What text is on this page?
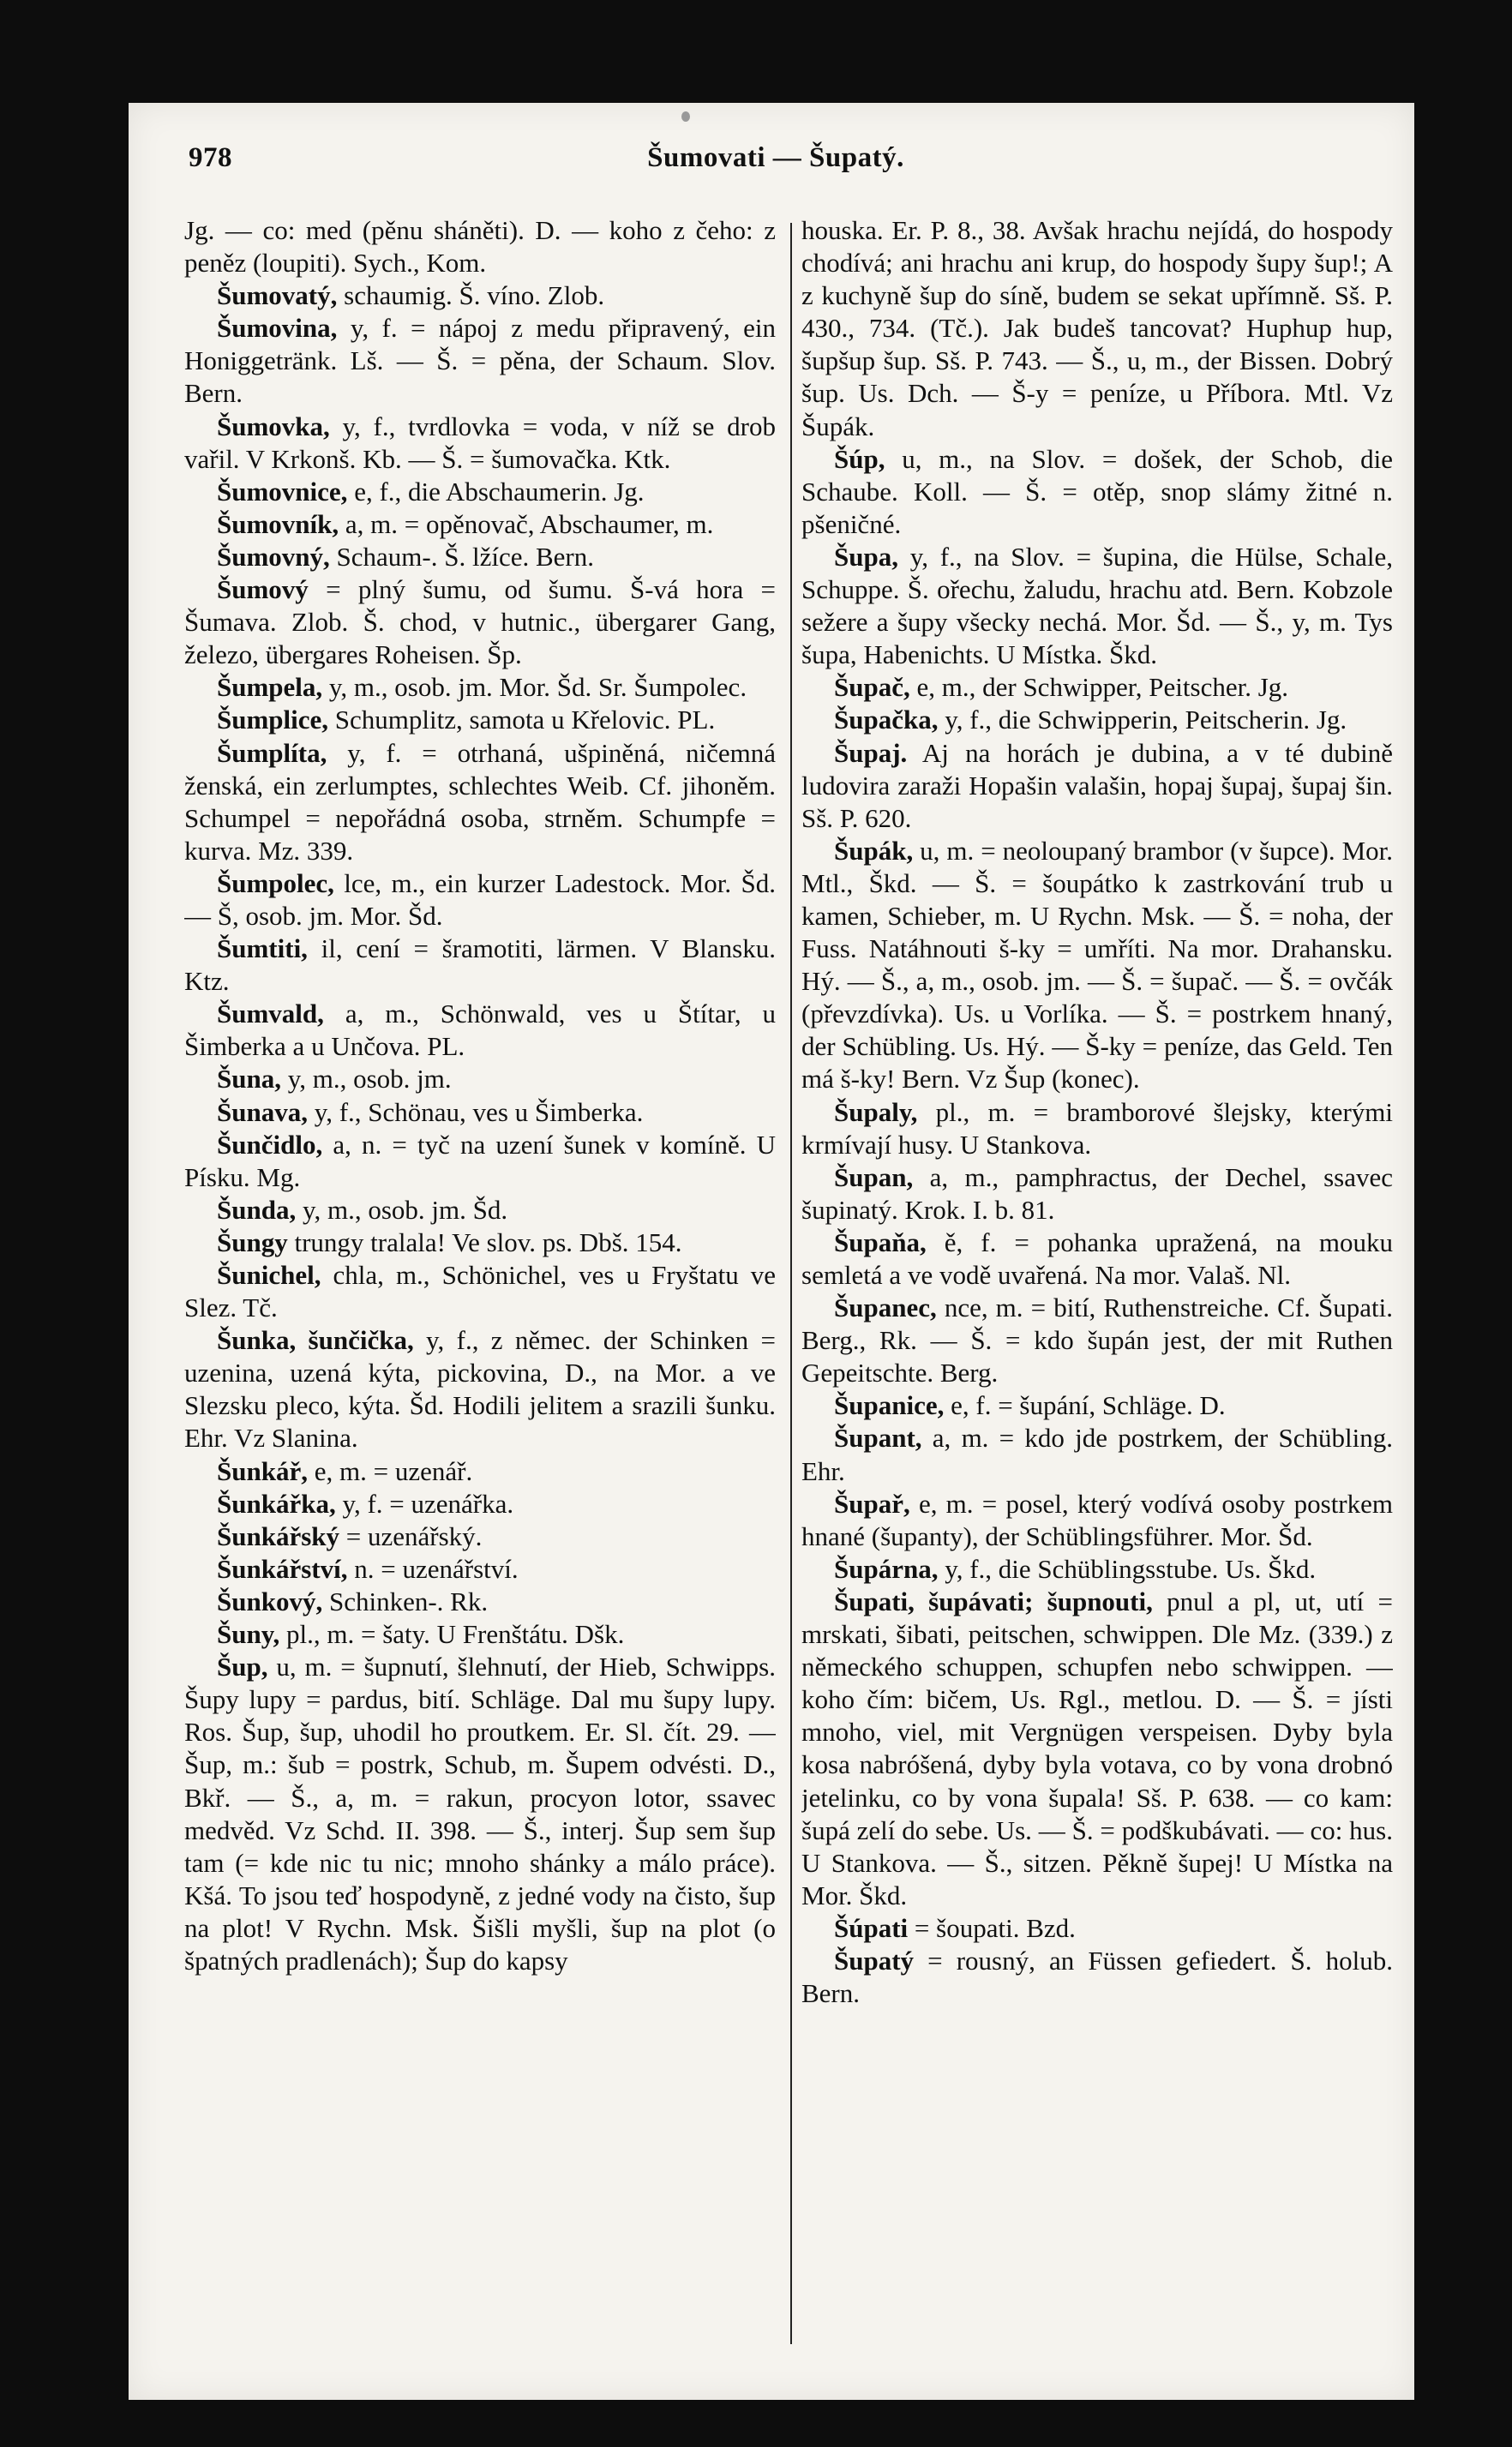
978	Šumovati — Šupatý.

Jg. — co: med (pěnu sháněti). D. — koho z čeho: z peněz (loupiti). Sych., Kom.

Šumovatý, schaumig. Š. víno. Zlob.

Šumovina, y, f. = nápoj z medu připravený, ein Honiggetränk. Lš. — Š. = pěna, der Schaum. Slov. Bern.

Šumovka, y, f., tvrdlovka = voda, v níž se drob vařil. V Krkonš. Kb. — Š. = šumovačka. Ktk.

Šumovnice, e, f., die Abschaumerin. Jg.

Šumovník, a, m. = opěnovač, Abschaumer, m.

Šumovný, Schaum-. Š. lžíce. Bern.

Šumový = plný šumu, od šumu. Š-vá hora = Šumava. Zlob. Š. chod, v hutnic., übergarer Gang, železo, übergares Roheisen. Šp.

Šumpela, y, m., osob. jm. Mor. Šd. Sr. Šumpolec.

Šumplice, Schumplitz, samota u Křelovic. PL.

Šumplíta, y, f. = otrhaná, ušpiněná, ničemná ženská, ein zerlumptes, schlechtes Weib. Cf. jihoněm. Schumpel = nepořádná osoba, strněm. Schumpfe = kurva. Mz. 339.

Šumpolec, lce, m., ein kurzer Ladestock. Mor. Šd. — Š, osob. jm. Mor. Šd.

Šumtiti, il, cení = šramotiti, lärmen. V Blansku. Ktz.

Šumvald, a, m., Schönwald, ves u Štítar, u Šimberka a u Unčova. PL.

Šuna, y, m., osob. jm.

Šunava, y, f., Schönau, ves u Šimberka.

Šunčidlo, a, n. = tyč na uzení šunek v komíně. U Písku. Mg.

Šunda, y, m., osob. jm. Šd.

Šungy trungy tralala! Ve slov. ps. Dbš. 154.

Šunichel, chla, m., Schönichel, ves u Fryštatu ve Slez. Tč.

Šunka, šunčička, y, f., z němec. der Schinken = uzenina, uzená kýta, pickovina, D., na Mor. a ve Slezsku pleco, kýta. Šd. Hodili jelitem a srazili šunku. Ehr. Vz Slanina.

Šunkář, e, m. = uzenář.

Šunkářka, y, f. = uzenářka.

Šunkářský = uzenářský.

Šunkářství, n. = uzenářství.

Šunkový, Schinken-. Rk.

Šuny, pl., m. = šaty. U Frenštátu. Dšk.

Šup, u, m. = šupnutí, šlehnutí, der Hieb, Schwipps. Šupy lupy = pardus, bití. Schläge. Dal mu šupy lupy. Ros. Šup, šup, uhodil ho proutkem. Er. Sl. čít. 29. — Šup, m.: šub = postrk, Schub, m. Šupem odvésti. D., Bkř. — Š., a, m. = rakun, procyon lotor, ssavec medvěd. Vz Schd. II. 398. — Š., interj. Šup sem šup tam (= kde nic tu nic; mnoho shánky a málo práce). Kšá. To jsou teď hospodyně, z jedné vody na čisto, šup na plot! V Rychn. Msk. Šišli myšli, šup na plot (o špatných pradlenách); Šup do kapsy

houska. Er. P. 8., 38. Avšak hrachu nejídá, do hospody chodívá; ani hrachu ani krup, do hospody šupy šup!; A z kuchyně šup do síně, budem se sekat upřímně. Sš. P. 430., 734. (Tč.). Jak budeš tancovat? Huphup hup, šupšup šup. Sš. P. 743. — Š., u, m., der Bissen. Dobrý šup. Us. Dch. — Š-y = peníze, u Příbora. Mtl. Vz Šupák.

Šúp, u, m., na Slov. = došek, der Schob, die Schaube. Koll. — Š. = otěp, snop slámy žitné n. pšeničné.

Šupa, y, f., na Slov. = šupina, die Hülse, Schale, Schuppe. Š. ořechu, žaludu, hrachu atd. Bern. Kobzole sežere a šupy všecky nechá. Mor. Šd. — Š., y, m. Tys šupa, Habenichts. U Místka. Škd.

Šupač, e, m., der Schwipper, Peitscher. Jg.

Šupačka, y, f., die Schwipperin, Peitscherin. Jg.

Šupaj. Aj na horách je dubina, a v té dubině ludovira zaraži Hopašin valašin, hopaj šupaj, šupaj šin. Sš. P. 620.

Šupák, u, m. = neoloupaný brambor (v šupce). Mor. Mtl., Škd. — Š. = šoupátko k zastrkování trub u kamen, Schieber, m. U Rychn. Msk. — Š. = noha, der Fuss. Natáhnouti š-ky = umříti. Na mor. Drahansku. Hý. — Š., a, m., osob. jm. — Š. = šupač. — Š. = ovčák (převzdívka). Us. u Vorlíka. — Š. = postrkem hnaný, der Schübling. Us. Hý. — Š-ky = peníze, das Geld. Ten má š-ky! Bern. Vz Šup (konec).

Šupaly, pl., m. = bramborové šlejsky, kterými krmívají husy. U Stankova.

Šupan, a, m., pamphractus, der Dechel, ssavec šupinatý. Krok. I. b. 81.

Šupaňa, ě, f. = pohanka upražená, na mouku semletá a ve vodě uvařená. Na mor. Valaš. Nl.

Šupanec, nce, m. = bití, Ruthenstreiche. Cf. Šupati. Berg., Rk. — Š. = kdo šupán jest, der mit Ruthen Gepeitschte. Berg.

Šupanice, e, f. = šupání, Schläge. D.

Šupant, a, m. = kdo jde postrkem, der Schübling. Ehr.

Šupař, e, m. = posel, který vodívá osoby postrkem hnané (šupanty), der Schüblingsführer. Mor. Šd.

Šupárna, y, f., die Schüblingsstube. Us. Škd.

Šupati, šupávati; šupnouti, pnul a pl, ut, utí = mrskati, šibati, peitschen, schwippen. Dle Mz. (339.) z německého schuppen, schupfen nebo schwippen. — koho čím: bičem, Us. Rgl., metlou. D. — Š. = jísti mnoho, viel, mit Vergnügen verspeisen. Dyby byla kosa nabróšená, dyby byla votava, co by vona drobnó jetelinku, co by vona šupala! Sš. P. 638. — co kam: šupá zelí do sebe. Us. — Š. = podškubávati. — co: hus. U Stankova. — Š., sitzen. Pěkně šupej! U Místka na Mor. Škd.

Šúpati = šoupati. Bzd.

Šupatý = rousný, an Füssen gefiedert. Š. holub. Bern.
